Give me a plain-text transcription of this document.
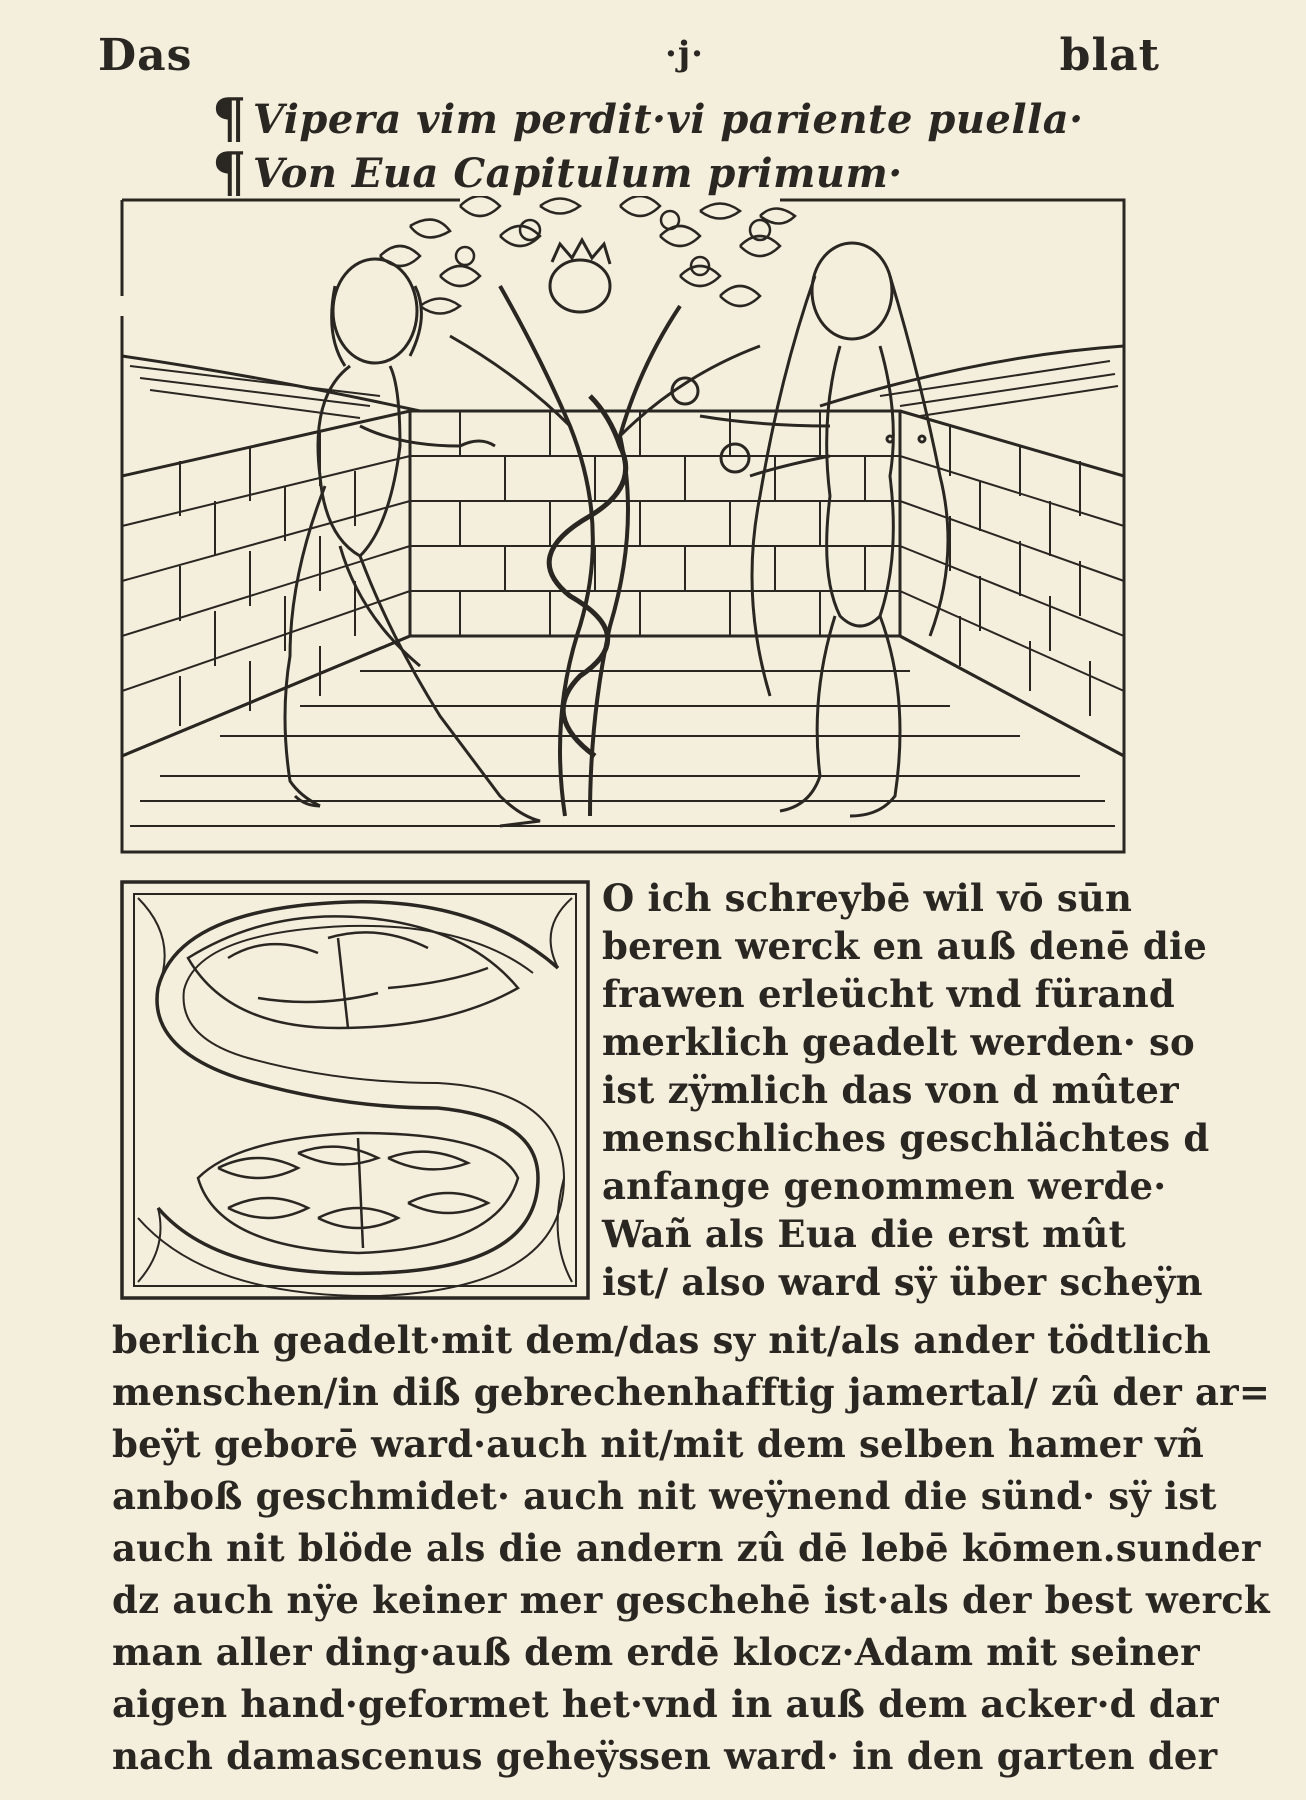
Das	·j·	blat
¶ Vipera vim perdit·vi pariente puella·
¶ Von Eua Capitulum primum·
O ich schreybē wil vō sūn
beren werck en auß denē die
frawen erleücht vnd fürand
merklich geadelt werden· so
ist zÿmlich das von d mûter
menschliches geschlächtes d
anfange genommen werde·
Wañ als Eua die erst mût
ist/ also ward sÿ über scheÿn
berlich geadelt·mit dem/das sy nit/als ander tödtlich
menschen/in diß gebrechenhafftig jamertal/ zû der ar=
beÿt geborē ward·auch nit/mit dem selben hamer vñ
anboß geschmidet· auch nit weÿnend die sünd· sÿ ist
auch nit blöde als die andern zû dē lebē kōmen.sunder
dz auch nÿe keiner mer geschehē ist·als der best werck
man aller ding·auß dem erdē klocz·Adam mit seiner
aigen hand·geformet het·vnd in auß dem acker·d dar
nach damascenus geheÿssen ward· in den garten der
